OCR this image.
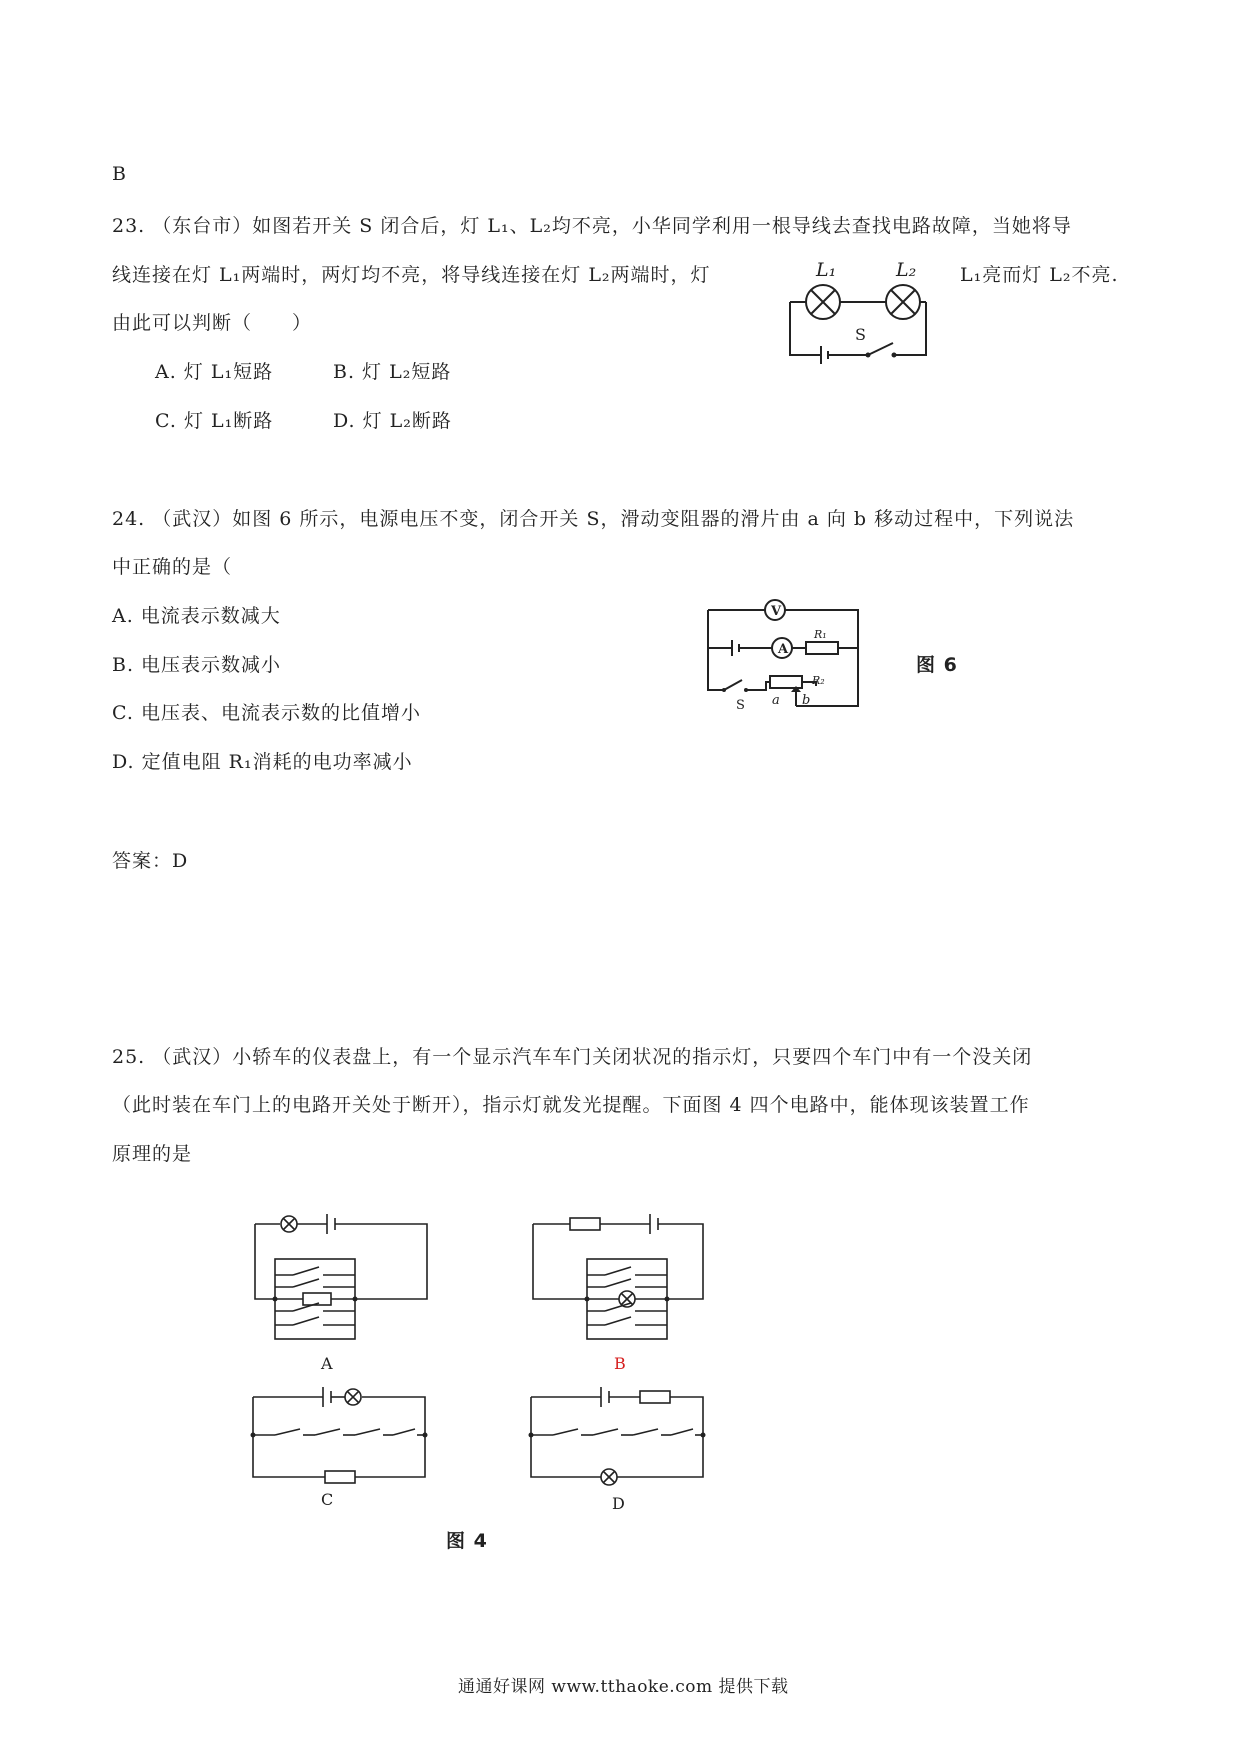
B
23. （东台市）如图若开关 S 闭合后，灯 L₁、L₂均不亮，小华同学利用一根导线去查找电路故障，当她将导
线连接在灯 L₁两端时，两灯均不亮，将导线连接在灯 L₂两端时，灯	L₁亮而灯 L₂不亮.
由此可以判断（　　）
A. 灯 L₁短路	B. 灯 L₂短路
C. 灯 L₁断路	D. 灯 L₂断路
L₁	L₂
S
24. （武汉）如图 6 所示，电源电压不变，闭合开关 S，滑动变阻器的滑片由 a 向 b 移动过程中，下列说法
中正确的是（
A. 电流表示数减大
B. 电压表示数减小
C. 电压表、电流表示数的比值增小
D. 定值电阻 R₁消耗的电功率减小
答案：D
V
A
R₁
R₂
S a b
图 6
25. （武汉）小轿车的仪表盘上，有一个显示汽车车门关闭状况的指示灯，只要四个车门中有一个没关闭
（此时装在车门上的电路开关处于断开），指示灯就发光提醒。下面图 4 四个电路中，能体现该装置工作
原理的是
A	B
C	D
图 4
通通好课网 www.tthaoke.com 提供下载
